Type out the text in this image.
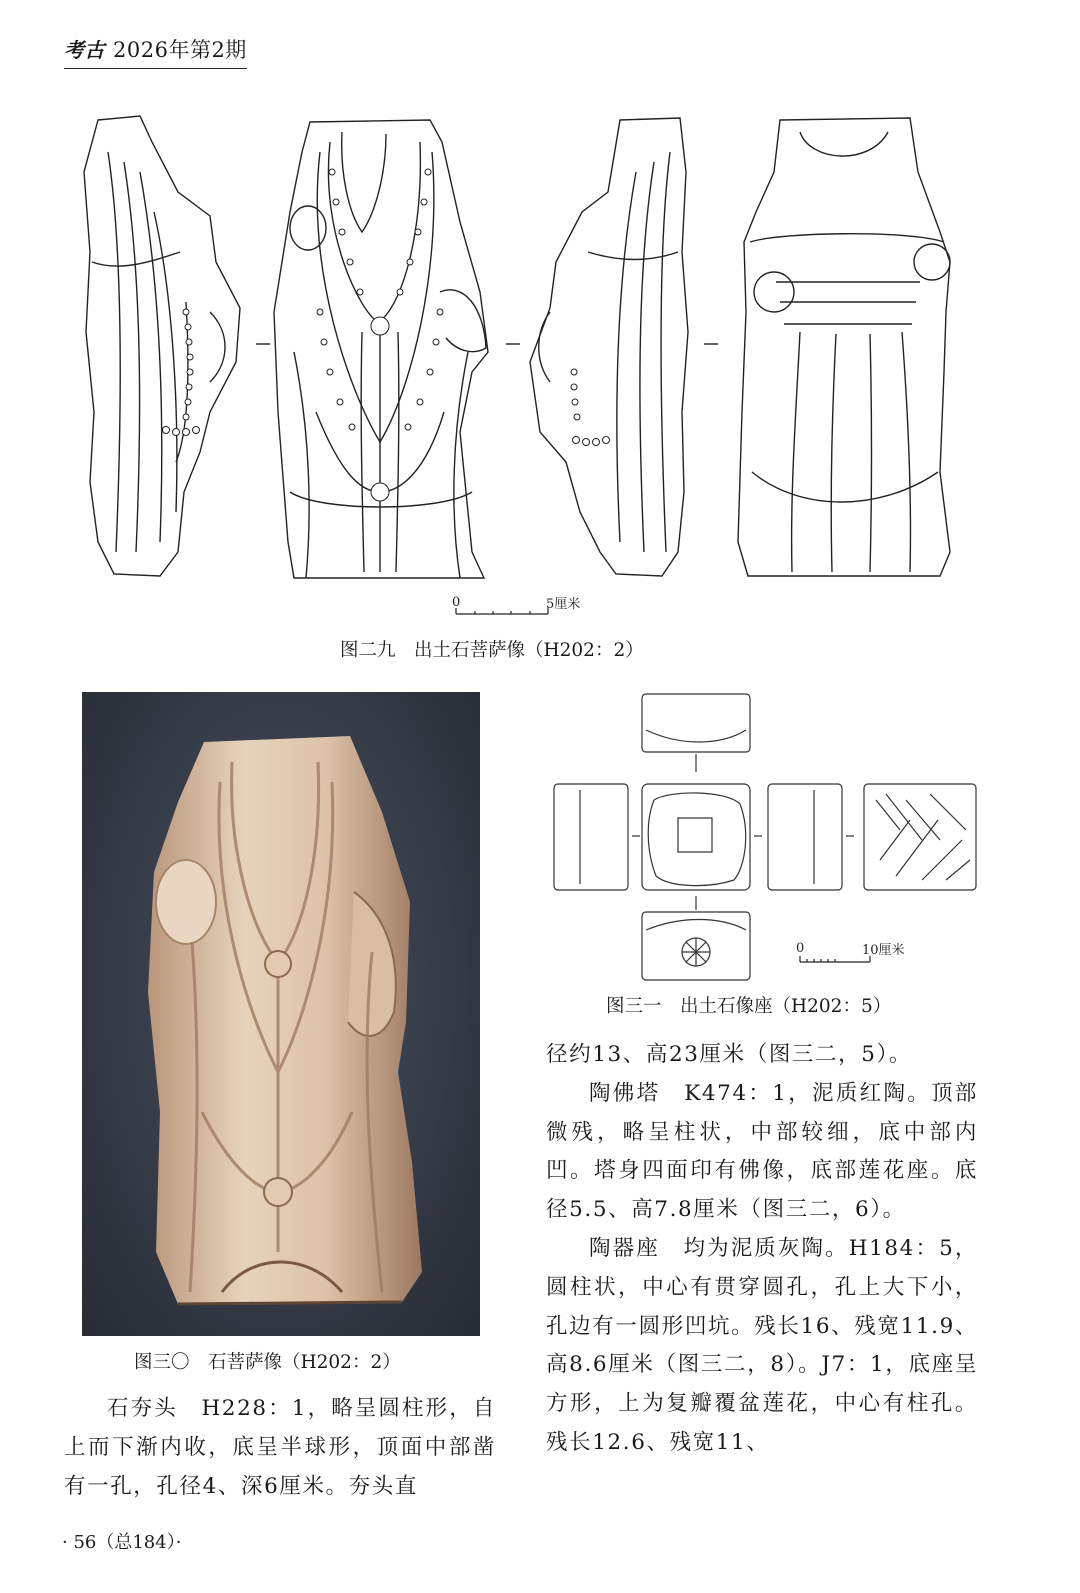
考古 2026年第2期
0	5厘米
图二九　出土石菩萨像（H202：2）
图三〇　石菩萨像（H202：2）
0	10厘米
图三一　出土石像座（H202：5）

石夯头　H228：1，略呈圆柱形，自上而下渐内收，底呈半球形，顶面中部凿有一孔，孔径4、深6厘米。夯头直

径约13、高23厘米（图三二，5）。

陶佛塔　K474：1，泥质红陶。顶部微残，略呈柱状，中部较细，底中部内凹。塔身四面印有佛像，底部莲花座。底径5.5、高7.8厘米（图三二，6）。

陶器座　均为泥质灰陶。H184：5，圆柱状，中心有贯穿圆孔，孔上大下小，孔边有一圆形凹坑。残长16、残宽11.9、高8.6厘米（图三二，8）。J7：1，底座呈方形，上为复瓣覆盆莲花，中心有柱孔。残长12.6、残宽11、

· 56（总184）·
